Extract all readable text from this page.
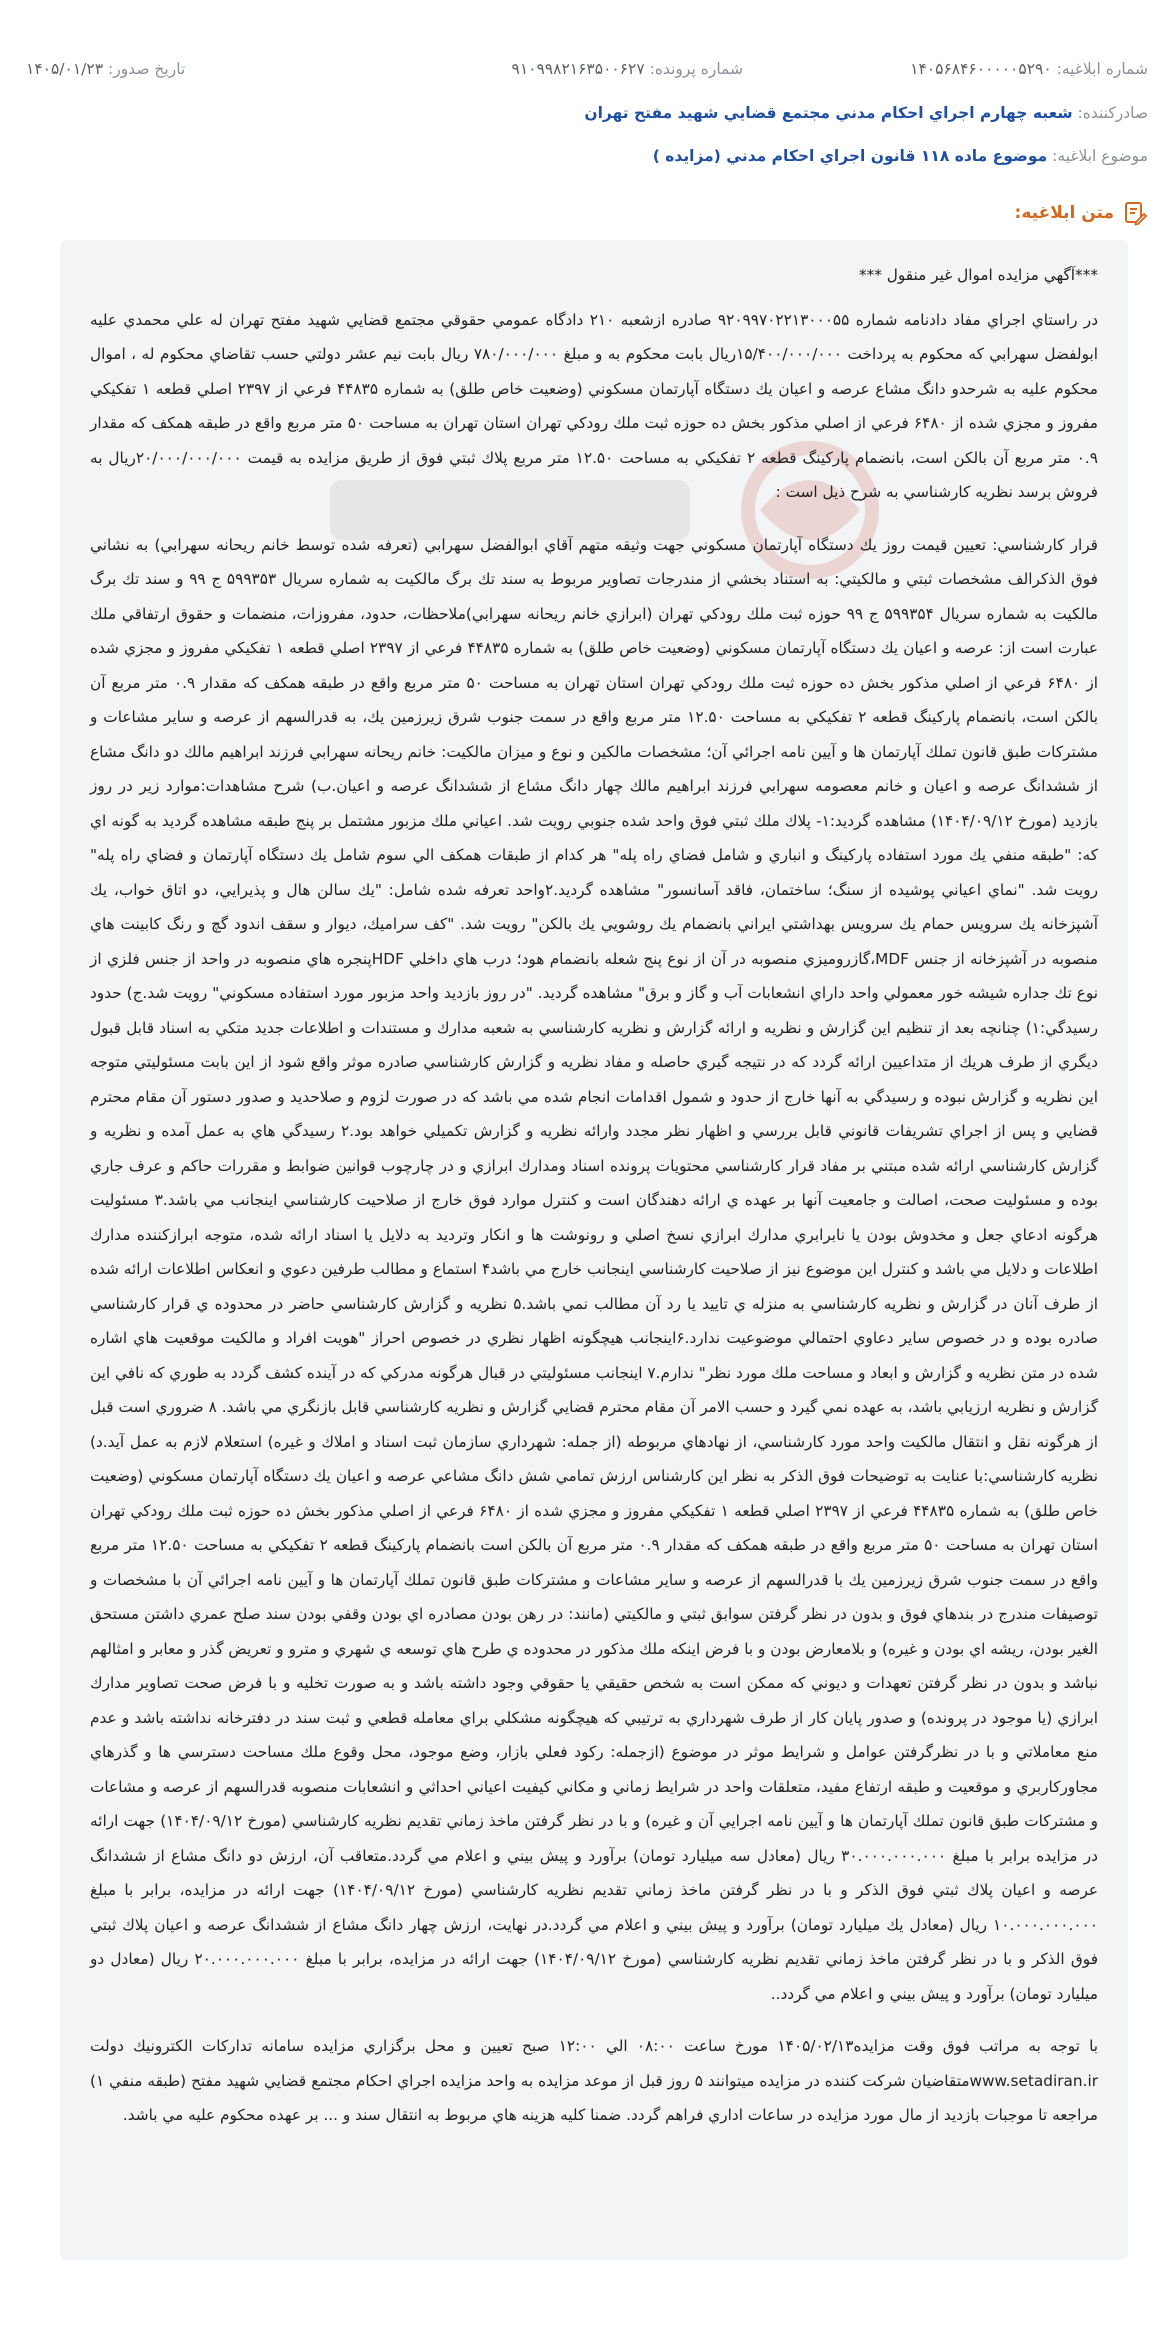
شماره ابلاغيه: ۱۴۰۵۶۸۴۶۰۰۰۰۰۵۲۹۰
شماره پرونده: ۹۱۰۹۹۸۲۱۶۳۵۰۰۶۲۷
تاريخ صدور: ۱۴۰۵/۰۱/۲۳
صادركننده: شعبه چهارم اجراي احكام مدني مجتمع قضايي شهيد مفتح تهران
موضوع ابلاغيه: موضوع ماده ۱۱۸ قانون اجراي احكام مدني (مزايده )
متن ابلاغيه:

***آگهي مزايده اموال غير منقول ***

در راستاي اجراي مفاد دادنامه شماره ۹۲۰۹۹۷۰۲۲۱۳۰۰۰۵۵ صادره ازشعبه ۲۱۰ دادگاه عمومي حقوقي مجتمع قضايي شهيد مفتح تهران له علي محمدي عليه ابولفضل سهرابي كه محكوم به پرداخت ۱۵/۴۰۰/۰۰۰/۰۰۰ريال بابت محكوم به و مبلغ ۷۸۰/۰۰۰/۰۰۰ ريال بابت نيم عشر دولتي حسب تقاضاي محكوم له ، اموال محكوم عليه به شرحدو دانگ مشاع عرصه و اعيان يك دستگاه آپارتمان مسكوني (وضعيت خاص طلق) به شماره ۴۴۸۳۵ فرعي از ۲۳۹۷ اصلي قطعه ۱ تفكيكي مفروز و مجزي شده از ۶۴۸۰ فرعي از اصلي مذكور بخش ده حوزه ثبت ملك رودكي تهران استان تهران به مساحت ۵۰ متر مربع واقع در طبقه همكف كه مقدار ۰.۹ متر مربع آن بالكن است، بانضمام پاركينگ قطعه ۲ تفكيكي به مساحت ۱۲.۵۰ متر مربع پلاك ثبتي فوق از طريق مزايده به قيمت ۲۰/۰۰۰/۰۰۰/۰۰۰ريال به فروش برسد نظريه كارشناسي به شرح ذيل است :

قرار كارشناسي: تعيين قيمت روز يك دستگاه آپارتمان مسكوني جهت وثيقه متهم آقاي ابوالفضل سهرابي (تعرفه شده توسط خانم ريحانه سهرابي) به نشاني فوق الذكرالف مشخصات ثبتي و مالكيتي: به استناد بخشي از مندرجات تصاوير مربوط به سند تك برگ مالكيت به شماره سريال ۵۹۹۳۵۳ ج ۹۹ و سند تك برگ مالكيت به شماره سريال ۵۹۹۳۵۴ ج ۹۹ حوزه ثبت ملك رودكي تهران (ابرازي خانم ريحانه سهرابي)ملاحظات، حدود، مفروزات، منضمات و حقوق ارتفاقي ملك عبارت است از: عرصه و اعيان يك دستگاه آپارتمان مسكوني (وضعيت خاص طلق) به شماره ۴۴۸۳۵ فرعي از ۲۳۹۷ اصلي قطعه ۱ تفكيكي مفروز و مجزي شده از ۶۴۸۰ فرعي از اصلي مذكور بخش ده حوزه ثبت ملك رودكي تهران استان تهران به مساحت ۵۰ متر مربع واقع در طبقه همكف كه مقدار ۰.۹ متر مربع آن بالكن است، بانضمام پاركينگ قطعه ۲ تفكيكي به مساحت ۱۲.۵۰ متر مربع واقع در سمت جنوب شرق زيرزمين يك، به قدرالسهم از عرصه و ساير مشاعات و مشتركات طبق قانون تملك آپارتمان ها و آيين نامه اجرائي آن؛ مشخصات مالكين و نوع و ميزان مالكيت: خانم ريحانه سهرابي فرزند ابراهيم مالك دو دانگ مشاع از ششدانگ عرصه و اعيان و خانم معصومه سهرابي فرزند ابراهيم مالك چهار دانگ مشاع از ششدانگ عرصه و اعيان.ب) شرح مشاهدات:موارد زير در روز بازديد (مورخ ۱۴۰۴/۰۹/۱۲) مشاهده گرديد:۱- پلاك ملك ثبتي فوق واحد شده جنوبي رويت شد. اعياني ملك مزبور مشتمل بر پنج طبقه مشاهده گرديد به گونه اي كه: "طبقه منفي يك مورد استفاده پاركينگ و انباري و شامل فضاي راه پله" هر كدام از طبقات همكف الي سوم شامل يك دستگاه آپارتمان و فضاي راه پله" رويت شد. "نماي اعياني پوشيده از سنگ؛ ساختمان، فاقد آسانسور" مشاهده گرديد.۲واحد تعرفه شده شامل: "يك سالن هال و پذيرايي، دو اتاق خواب، يك آشپزخانه يك سرويس حمام يك سرويس بهداشتي ايراني بانضمام يك روشويي يك بالكن" رويت شد. "كف سراميك، ديوار و سقف اندود گچ و رنگ كابينت هاي منصوبه در آشپزخانه از جنس MDF،گازروميزي منصوبه در آن از نوع پنج شعله بانضمام هود؛ درب هاي داخلي HDFپنجره هاي منصوبه در واحد از جنس فلزي از نوع تك جداره شيشه خور معمولي واحد داراي انشعابات آب و گاز و برق" مشاهده گرديد. "در روز بازديد واحد مزبور مورد استفاده مسكوني" رويت شد.ج) حدود رسيدگي:۱) چنانچه بعد از تنظيم اين گزارش و نظريه و ارائه گزارش و نظريه كارشناسي به شعبه مدارك و مستندات و اطلاعات جديد متكي به اسناد قابل قبول ديگري از طرف هريك از متداعيين ارائه گردد كه در نتيجه گيري حاصله و مفاد نظريه و گزارش كارشناسي صادره موثر واقع شود از اين بابت مسئوليتي متوجه اين نظريه و گزارش نبوده و رسيدگي به آنها خارج از حدود و شمول اقدامات انجام شده مي باشد كه در صورت لزوم و صلاحديد و صدور دستور آن مقام محترم قضايي و پس از اجراي تشريفات قانوني قابل بررسي و اظهار نظر مجدد وارائه نظريه و گزارش تكميلي خواهد بود.۲ رسيدگي هاي به عمل آمده و نظريه و گزارش كارشناسي ارائه شده مبتني بر مفاد قرار كارشناسي محتويات پرونده اسناد ومدارك ابرازي و در چارچوب قوانين ضوابط و مقررات حاكم و عرف جاري بوده و مسئوليت صحت، اصالت و جامعيت آنها بر عهده ي ارائه دهندگان است و كنترل موارد فوق خارج از صلاحيت كارشناسي اينجانب مي باشد.۳ مسئوليت هرگونه ادعاي جعل و مخدوش بودن يا نابرابري مدارك ابرازي نسخ اصلي و رونوشت ها و انكار وترديد به دلايل يا اسناد ارائه شده، متوجه ابرازكننده مدارك اطلاعات و دلايل مي باشد و كنترل اين موضوع نيز از صلاحيت كارشناسي اينجانب خارج مي باشد۴ استماع و مطالب طرفين دعوي و انعكاس اطلاعات ارائه شده از طرف آنان در گزارش و نظريه كارشناسي به منزله ي تاييد يا رد آن مطالب نمي باشد.۵ نظريه و گزارش كارشناسي حاضر در محدوده ي قرار كارشناسي صادره بوده و در خصوص ساير دعاوي احتمالي موضوعيت ندارد.۶اينجانب هيچگونه اظهار نظري در خصوص احراز "هويت افراد و مالكيت موقعيت هاي اشاره شده در متن نظريه و گزارش و ابعاد و مساحت ملك مورد نظر" ندارم.۷ اينجانب مسئوليتي در قبال هرگونه مدركي كه در آينده كشف گردد به طوري كه نافي اين گزارش و نظريه ارزيابي باشد، به عهده نمي گيرد و حسب الامر آن مقام محترم قضايي گزارش و نظريه كارشناسي قابل بازنگري مي باشد. ۸ ضروري است قبل از هرگونه نقل و انتقال مالكيت واحد مورد كارشناسي، از نهادهاي مربوطه (از جمله: شهرداري سازمان ثبت اسناد و املاك و غيره) استعلام لازم به عمل آيد.د) نظريه كارشناسي:با عنايت به توضيحات فوق الذكر به نظر اين كارشناس ارزش تمامي شش دانگ مشاعي عرصه و اعيان يك دستگاه آپارتمان مسكوني (وضعيت خاص طلق) به شماره ۴۴۸۳۵ فرعي از ۲۳۹۷ اصلي قطعه ۱ تفكيكي مفروز و مجزي شده از ۶۴۸۰ فرعي از اصلي مذكور بخش ده حوزه ثبت ملك رودكي تهران استان تهران به مساحت ۵۰ متر مربع واقع در طبقه همكف كه مقدار ۰.۹ متر مربع آن بالكن است بانضمام پاركينگ قطعه ۲ تفكيكي به مساحت ۱۲.۵۰ متر مربع واقع در سمت جنوب شرق زيرزمين يك با قدرالسهم از عرصه و ساير مشاعات و مشتركات طبق قانون تملك آپارتمان ها و آيين نامه اجرائي آن با مشخصات و توصيفات مندرج در بندهاي فوق و بدون در نظر گرفتن سوابق ثبتي و مالكيتي (مانند: در رهن بودن مصادره اي بودن وقفي بودن سند صلح عمري داشتن مستحق الغير بودن، ريشه اي بودن و غيره) و بلامعارض بودن و با فرض اينكه ملك مذكور در محدوده ي طرح هاي توسعه ي شهري و مترو و تعريض گذر و معابر و امثالهم نباشد و بدون در نظر گرفتن تعهدات و ديوني كه ممكن است به شخص حقيقي يا حقوقي وجود داشته باشد و به صورت تخليه و با فرض صحت تصاوير مدارك ابرازي (يا موجود در پرونده) و صدور پايان كار از طرف شهرداري به ترتيبي كه هيچگونه مشكلي براي معامله قطعي و ثبت سند در دفترخانه نداشته باشد و عدم منع معاملاتي و با در نظرگرفتن عوامل و شرايط موثر در موضوع (ازجمله: ركود فعلي بازار، وضع موجود، محل وقوع ملك مساحت دسترسي ها و گذرهاي مجاوركاربري و موقعيت و طبقه ارتفاع مفيد، متعلقات واحد در شرايط زماني و مكاني كيفيت اعياني احداثي و انشعابات منصوبه قدرالسهم از عرصه و مشاعات و مشتركات طبق قانون تملك آپارتمان ها و آيين نامه اجرايي آن و غيره) و با در نظر گرفتن ماخذ زماني تقديم نظريه كارشناسي (مورخ ۱۴۰۴/۰۹/۱۲) جهت ارائه در مزايده برابر با مبلغ ۳۰.۰۰۰.۰۰۰.۰۰۰ ريال (معادل سه ميليارد تومان) برآورد و پيش بيني و اعلام مي گردد.متعاقب آن، ارزش دو دانگ مشاع از ششدانگ عرصه و اعيان پلاك ثبتي فوق الذكر و با در نظر گرفتن ماخذ زماني تقديم نظريه كارشناسي (مورخ ۱۴۰۴/۰۹/۱۲) جهت ارائه در مزايده، برابر با مبلغ ۱۰.۰۰۰.۰۰۰.۰۰۰ ريال (معادل يك ميليارد تومان) برآورد و پيش بيني و اعلام مي گردد.در نهايت، ارزش چهار دانگ مشاع از ششدانگ عرصه و اعيان پلاك ثبتي فوق الذكر و با در نظر گرفتن ماخذ زماني تقديم نظريه كارشناسي (مورخ ۱۴۰۴/۰۹/۱۲) جهت ارائه در مزايده، برابر با مبلغ ۲۰.۰۰۰.۰۰۰.۰۰۰ ريال (معادل دو ميليارد تومان) برآورد و پيش بيني و اعلام مي گردد..

با توجه به مراتب فوق وقت مزايده۱۴۰۵/۰۲/۱۳ مورخ ساعت ۰۸:۰۰ الي ۱۲:۰۰ صبح تعيين و محل برگزاري مزايده سامانه تداركات الكترونيك دولت www.setadiran.irمتقاضيان شركت كننده در مزايده ميتوانند ۵ روز قبل از موعد مزايده به واحد مزايده اجراي احكام مجتمع قضايي شهيد مفتح (طبقه منفي ۱) مراجعه تا موجبات بازديد از مال مورد مزايده در ساعات اداري فراهم گردد. ضمنا كليه هزينه هاي مربوط به انتقال سند و ... بر عهده محكوم عليه مي باشد.
